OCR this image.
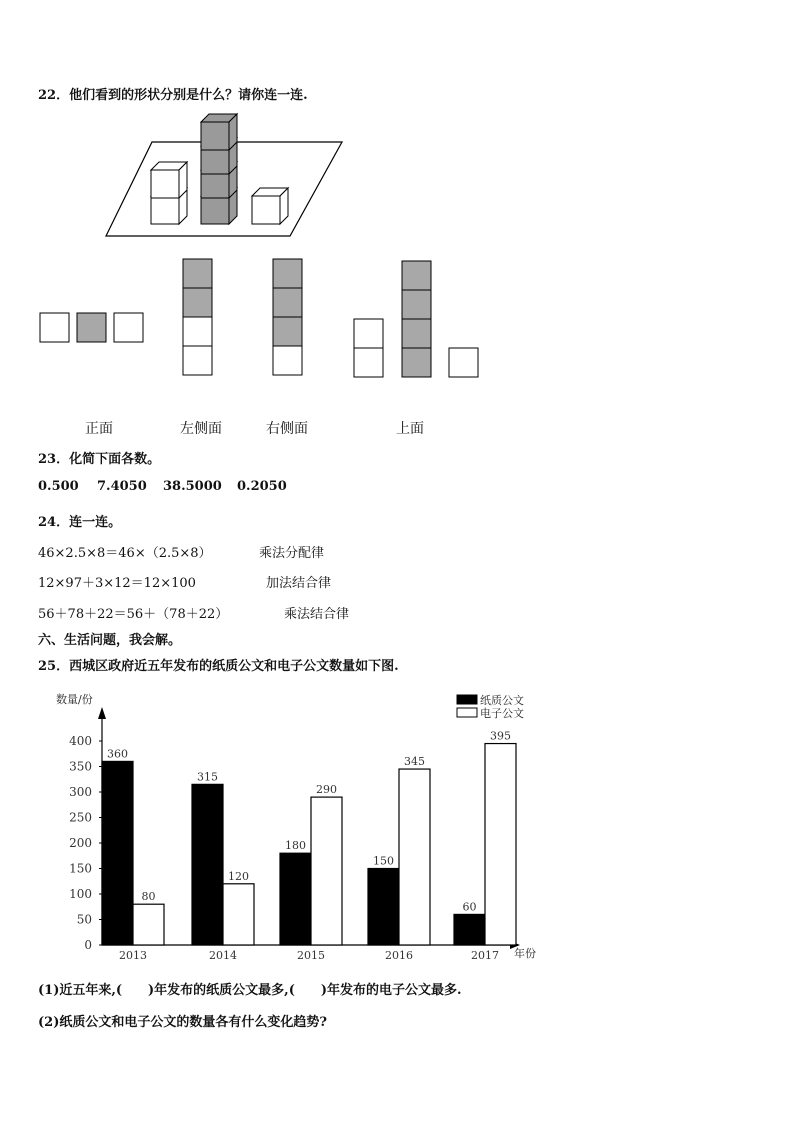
22．他们看到的形状分别是什么？请你连一连.
正面	左侧面	右侧面	上面
23．化简下面各数。
0.500 7.4050 38.5000 0.2050
24．连一连。
46×2.5×8＝46×（2.5×8）	乘法分配律
12×97＋3×12＝12×100	加法结合律
56＋78＋22＝56＋（78＋22）	乘法结合律
六、生活问题，我会解。
25．西城区政府近五年发布的纸质公文和电子公文数量如下图.
数量/份
年份
0
50
100
150
200
250
300
350
400
360
80
2013
315
120
2014
180
290
2015
150
345
2016
60
395
2017
纸质公文
电子公文
(1)近五年来,(　　)年发布的纸质公文最多,(　　)年发布的电子公文最多.
(2)纸质公文和电子公文的数量各有什么变化趋势?
